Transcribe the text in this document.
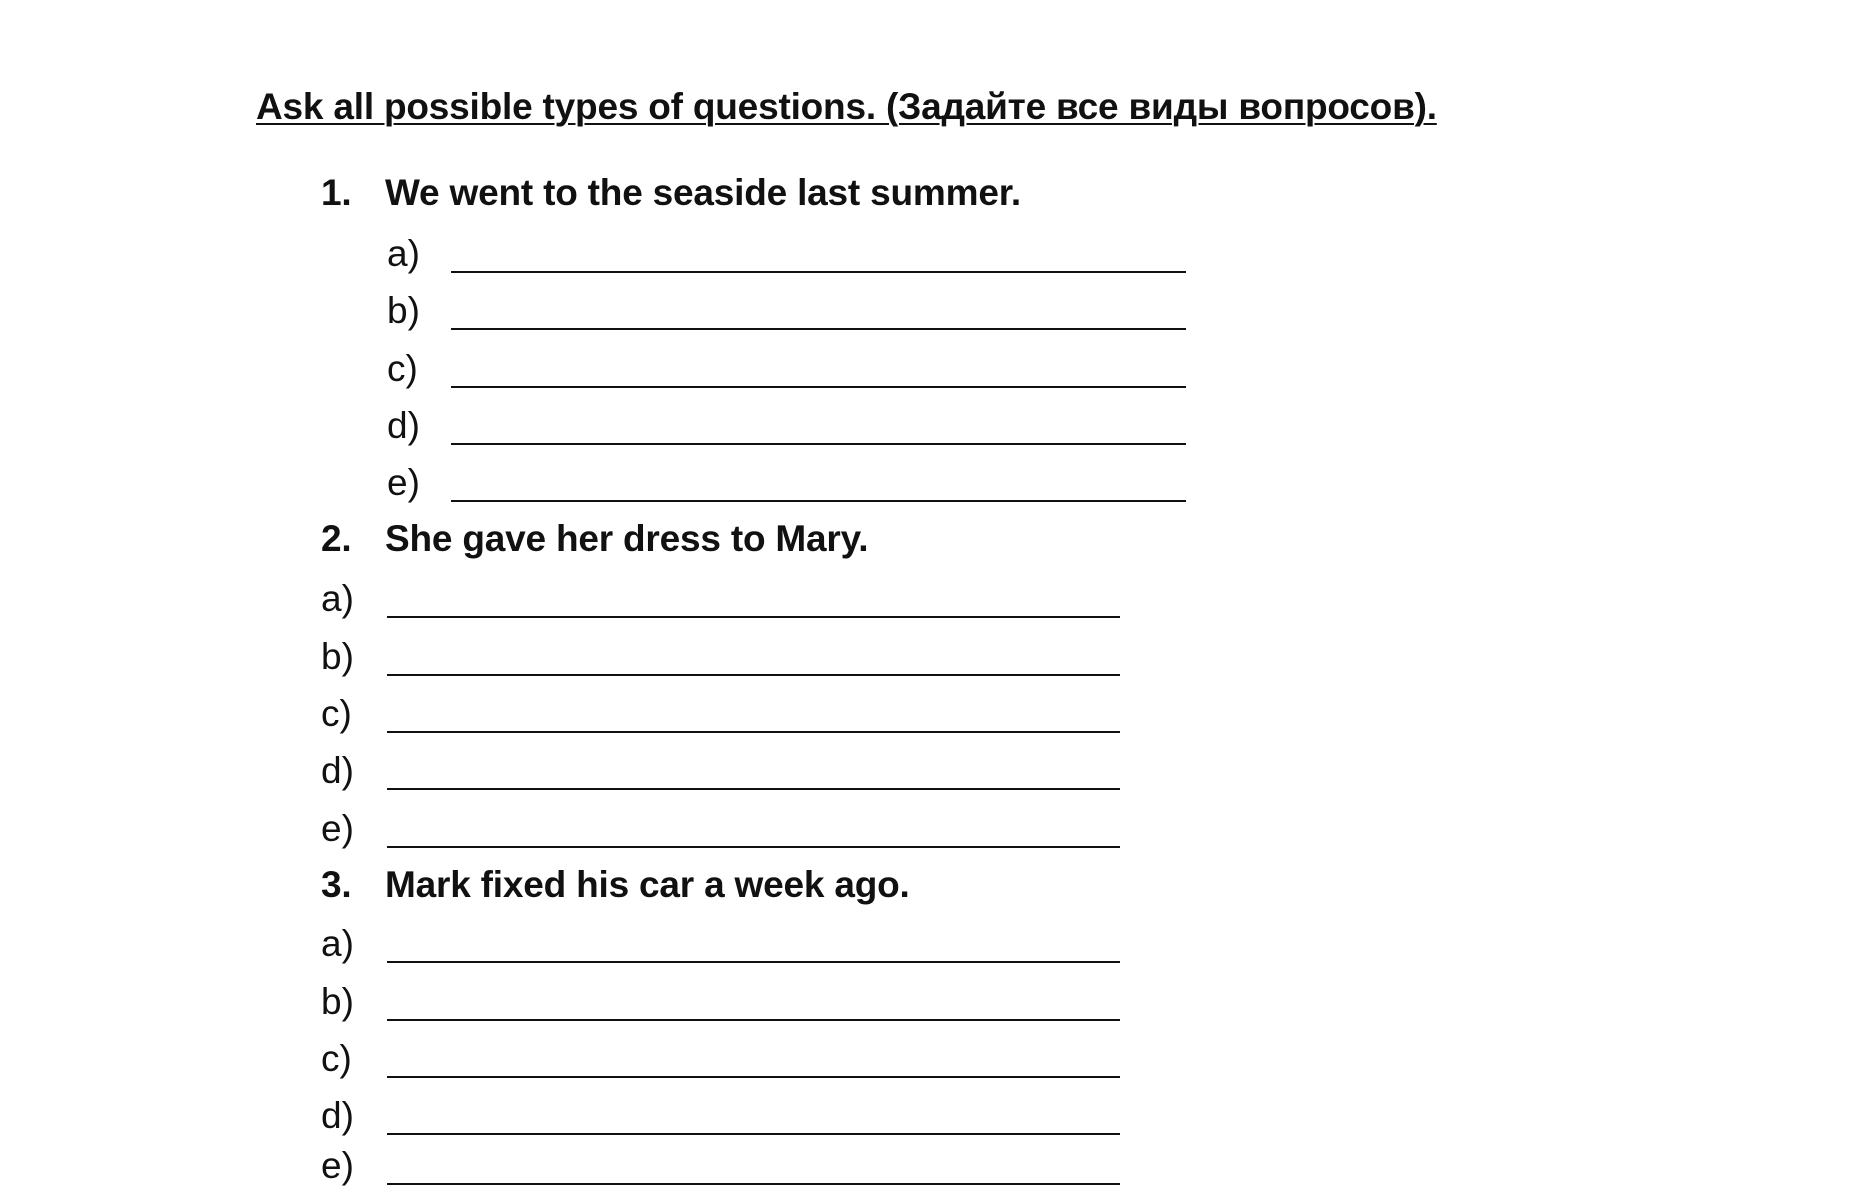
Ask all possible types of questions. (Задайте все виды вопросов).
1. We went to the seaside last summer.
a)
b)
c)
d)
e)
2. She gave her dress to Mary.
a)
b)
c)
d)
e)
3. Mark fixed his car a week ago.
a)
b)
c)
d)
e)
